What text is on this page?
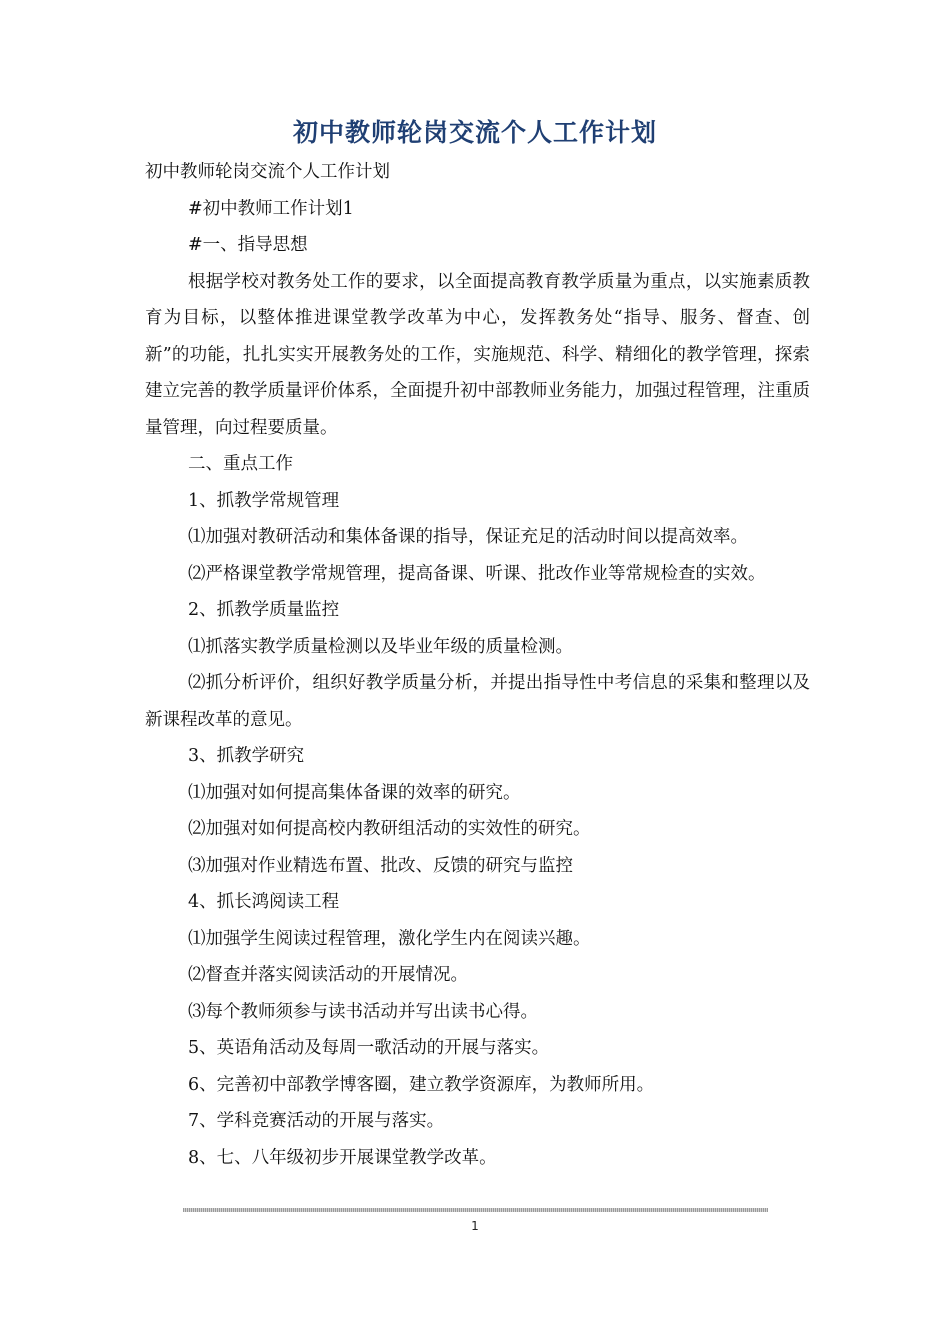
初中教师轮岗交流个人工作计划

初中教师轮岗交流个人工作计划

#初中教师工作计划1

#一、指导思想

根据学校对教务处工作的要求，以全面提高教育教学质量为重点，以实施素质教育为目标，以整体推进课堂教学改革为中心，发挥教务处“指导、服务、督查、创新”的功能，扎扎实实开展教务处的工作，实施规范、科学、精细化的教学管理，探索建立完善的教学质量评价体系，全面提升初中部教师业务能力，加强过程管理，注重质量管理，向过程要质量。

二、重点工作

1、抓教学常规管理

⑴加强对教研活动和集体备课的指导，保证充足的活动时间以提高效率。

⑵严格课堂教学常规管理，提高备课、听课、批改作业等常规检查的实效。

2、抓教学质量监控

⑴抓落实教学质量检测以及毕业年级的质量检测。

⑵抓分析评价，组织好教学质量分析，并提出指导性中考信息的采集和整理以及新课程改革的意见。

3、抓教学研究

⑴加强对如何提高集体备课的效率的研究。

⑵加强对如何提高校内教研组活动的实效性的研究。

⑶加强对作业精选布置、批改、反馈的研究与监控

4、抓长鸿阅读工程

⑴加强学生阅读过程管理，激化学生内在阅读兴趣。

⑵督查并落实阅读活动的开展情况。

⑶每个教师须参与读书活动并写出读书心得。

5、英语角活动及每周一歌活动的开展与落实。

6、完善初中部教学博客圈，建立教学资源库，为教师所用。

7、学科竞赛活动的开展与落实。

8、七、八年级初步开展课堂教学改革。

1
